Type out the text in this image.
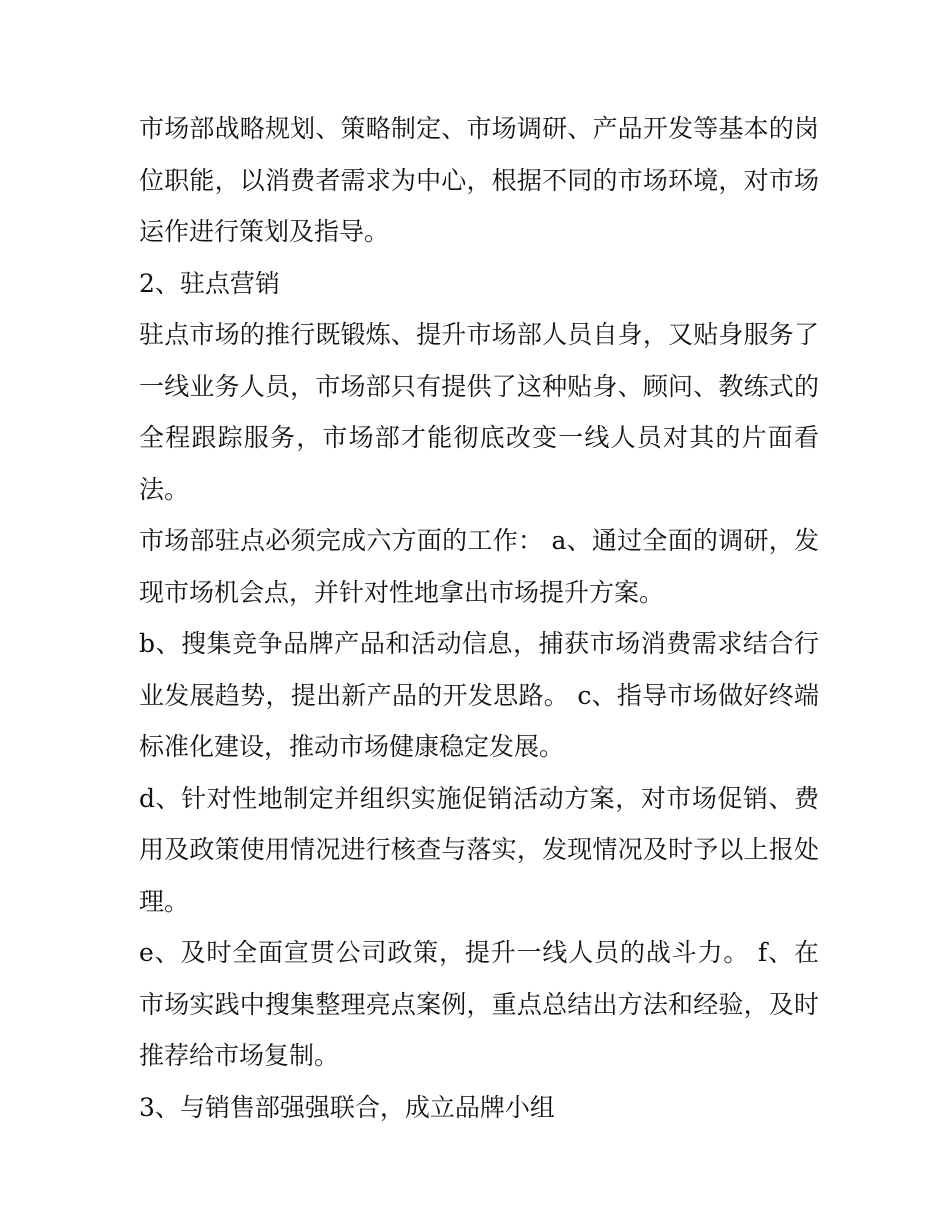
市场部战略规划、策略制定、市场调研、产品开发等基本的岗位职能，以消费者需求为中心，根据不同的市场环境，对市场运作进行策划及指导。

2、驻点营销

驻点市场的推行既锻炼、提升市场部人员自身，又贴身服务了一线业务人员，市场部只有提供了这种贴身、顾问、教练式的全程跟踪服务，市场部才能彻底改变一线人员对其的片面看法。

市场部驻点必须完成六方面的工作： a、通过全面的调研，发现市场机会点，并针对性地拿出市场提升方案。

b、搜集竞争品牌产品和活动信息，捕获市场消费需求结合行业发展趋势，提出新产品的开发思路。 c、指导市场做好终端标准化建设，推动市场健康稳定发展。

d、针对性地制定并组织实施促销活动方案，对市场促销、费用及政策使用情况进行核查与落实，发现情况及时予以上报处理。

e、及时全面宣贯公司政策，提升一线人员的战斗力。 f、在市场实践中搜集整理亮点案例，重点总结出方法和经验，及时推荐给市场复制。

3、与销售部强强联合，成立品牌小组
